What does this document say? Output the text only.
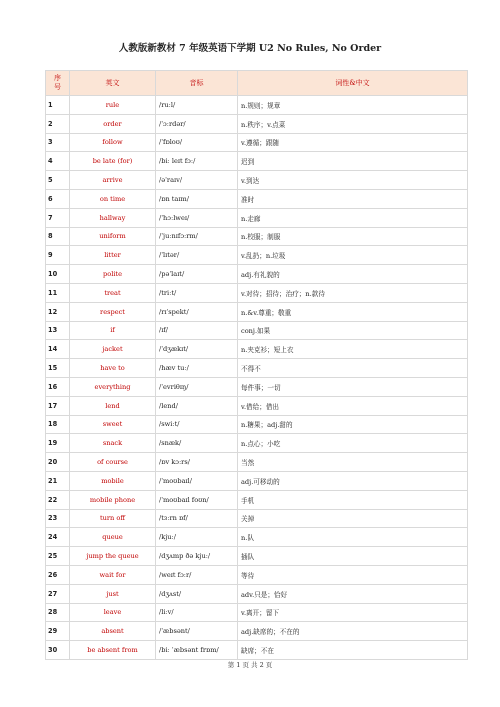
人教版新教材 7 年级英语下学期 U2 No Rules, No Order
序
号	英文	音标	词性&中文
1	rule	/ruːl/	n.规则；规章
2	order	/ˈɔːrdər/	n.秩序；v.点菜
3	follow	/ˈfɒloʊ/	v.遵循；跟随
4	be late (for)	/biː leɪt fɔː/	迟到
5	arrive	/əˈraɪv/	v.到达
6	on time	/ɒn taɪm/	准时
7	hallway	/ˈhɔːlweɪ/	n.走廊
8	uniform	/ˈjuːnɪfɔːrm/	n.校服；制服
9	litter	/ˈlɪtər/	v.乱扔；n.垃圾
10	polite	/pəˈlaɪt/	adj.有礼貌的
11	treat	/triːt/	v.对待；招待；治疗；n.款待
12	respect	/rɪˈspekt/	n.&v.尊重；敬重
13	if	/ɪf/	conj.如果
14	jacket	/ˈdʒækɪt/	n.夹克衫；短上衣
15	have to	/hæv tuː/	不得不
16	everything	/ˈevriθɪŋ/	每件事；一切
17	lend	/lend/	v.借给；借出
18	sweet	/swiːt/	n.糖果；adj.甜的
19	snack	/snæk/	n.点心；小吃
20	of course	/ɒv kɔːrs/	当然
21	mobile	/ˈmoʊbaɪl/	adj.可移动的
22	mobile phone	/ˈmoʊbaɪl foʊn/	手机
23	turn off	/tɜːrn ɒf/	关掉
24	queue	/kjuː/	n.队
25	jump the queue	/dʒʌmp ðə kjuː/	插队
26	wait for	/weɪt fɔːr/	等待
27	just	/dʒʌst/	adv.只是；恰好
28	leave	/liːv/	v.离开；留下
29	absent	/ˈæbsənt/	adj.缺席的；不在的
30	be absent from	/biː ˈæbsənt frɒm/	缺席；不在
第 1 页 共 2 页
